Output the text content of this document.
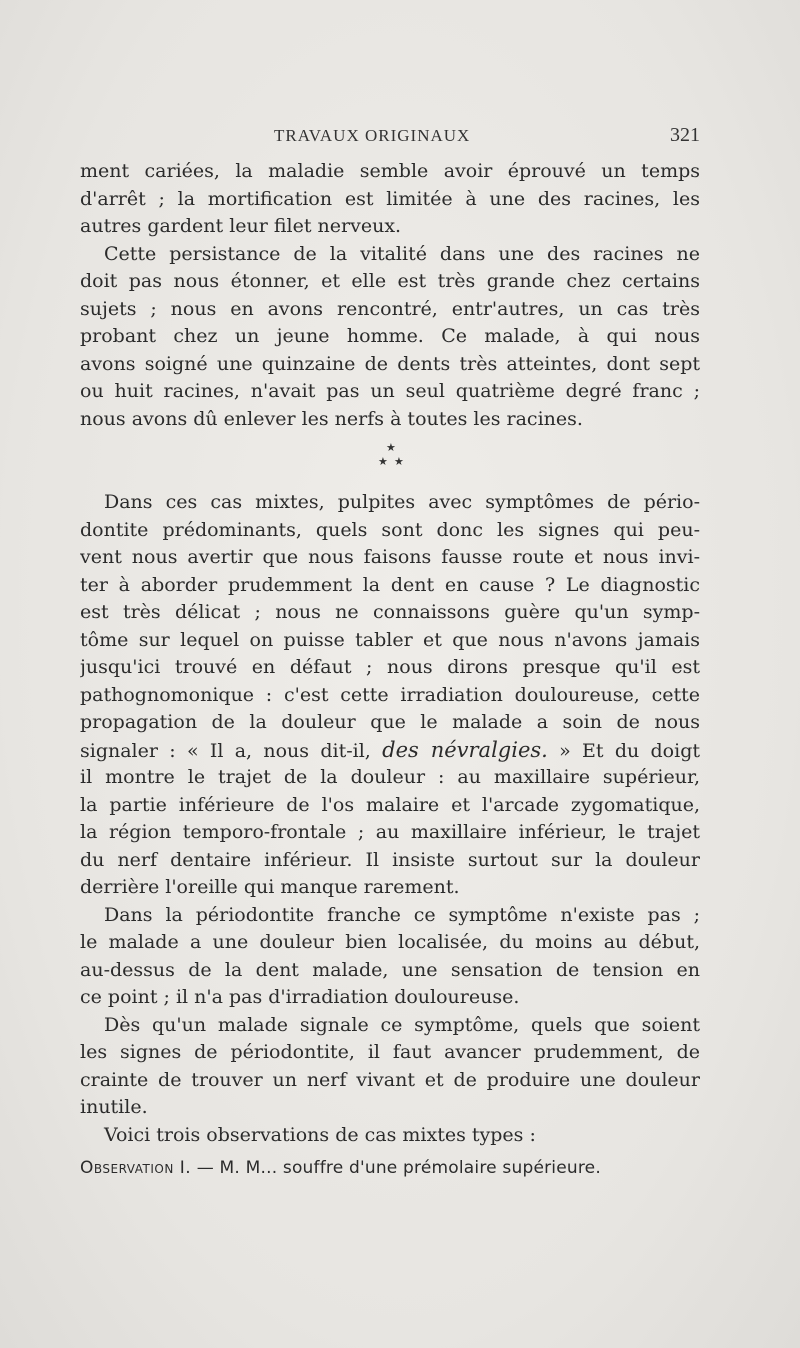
TRAVAUX ORIGINAUX	321
ment cariées, la maladie semble avoir éprouvé un temps
d'arrêt ; la mortification est limitée à une des racines, les
autres gardent leur filet nerveux.
Cette persistance de la vitalité dans une des racines ne
doit pas nous étonner, et elle est très grande chez certains
sujets ; nous en avons rencontré, entr'autres, un cas très
probant chez un jeune homme. Ce malade, à qui nous
avons soigné une quinzaine de dents très atteintes, dont sept
ou huit racines, n'avait pas un seul quatrième degré franc ;
nous avons dû enlever les nerfs à toutes les racines.
★
★ ★
Dans ces cas mixtes, pulpites avec symptômes de pério-
dontite prédominants, quels sont donc les signes qui peu-
vent nous avertir que nous faisons fausse route et nous invi-
ter à aborder prudemment la dent en cause ? Le diagnostic
est très délicat ; nous ne connaissons guère qu'un symp-
tôme sur lequel on puisse tabler et que nous n'avons jamais
jusqu'ici trouvé en défaut ; nous dirons presque qu'il est
pathognomonique : c'est cette irradiation douloureuse, cette
propagation de la douleur que le malade a soin de nous
signaler : « Il a, nous dit-il, des névralgies. » Et du doigt
il montre le trajet de la douleur : au maxillaire supérieur,
la partie inférieure de l'os malaire et l'arcade zygomatique,
la région temporo-frontale ; au maxillaire inférieur, le trajet
du nerf dentaire inférieur. Il insiste surtout sur la douleur
derrière l'oreille qui manque rarement.
Dans la périodontite franche ce symptôme n'existe pas ;
le malade a une douleur bien localisée, du moins au début,
au-dessus de la dent malade, une sensation de tension en
ce point ; il n'a pas d'irradiation douloureuse.
Dès qu'un malade signale ce symptôme, quels que soient
les signes de périodontite, il faut avancer prudemment, de
crainte de trouver un nerf vivant et de produire une douleur
inutile.
Voici trois observations de cas mixtes types :
Observation I. — M. M... souffre d'une prémolaire supérieure.
